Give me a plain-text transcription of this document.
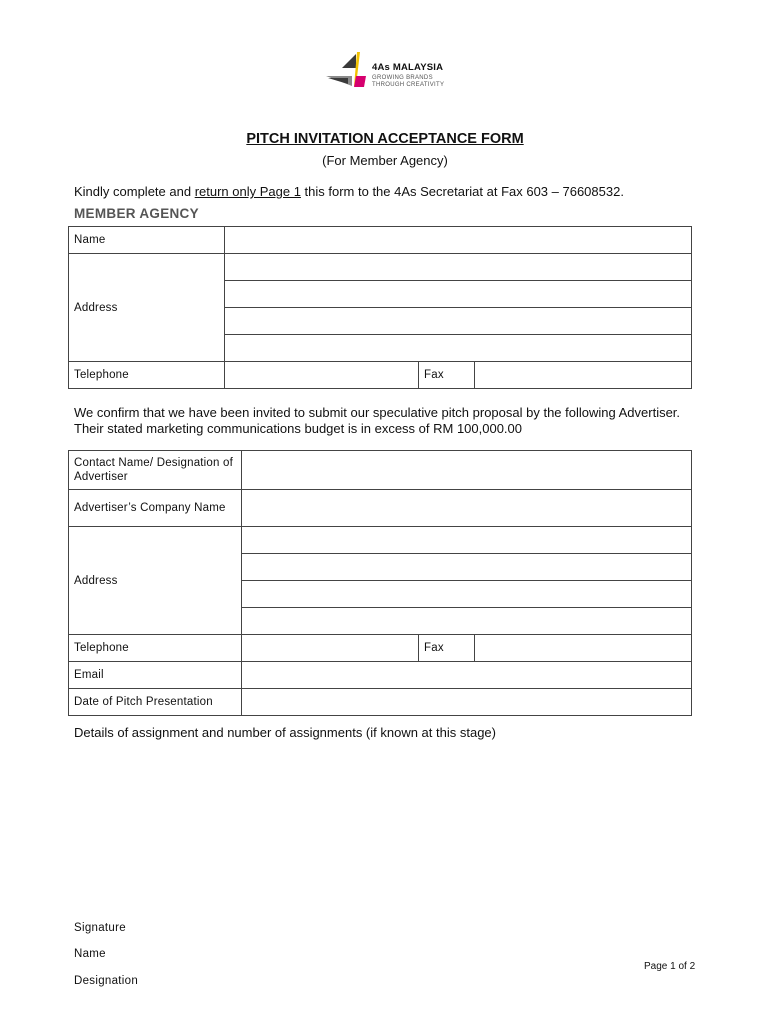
4As MALAYSIA
GROWING BRANDS
THROUGH CREATIVITY
PITCH INVITATION ACCEPTANCE FORM
(For Member Agency)
Kindly complete and return only Page 1 this form to the 4As Secretariat at Fax 603 – 76608532.
MEMBER AGENCY
Name			
Address			

Telephone		Fax	
We confirm that we have been invited to submit our speculative pitch proposal by the following Advertiser. Their stated marketing communications budget is in excess of RM 100,000.00
Contact Name/ Designation of Advertiser			
Advertiser’s Company Name			
Address			

Telephone		Fax	
Email			
Date of Pitch Presentation			
Details of assignment and number of assignments (if known at this stage)
Signature
Name
Designation
Page 1 of 2
